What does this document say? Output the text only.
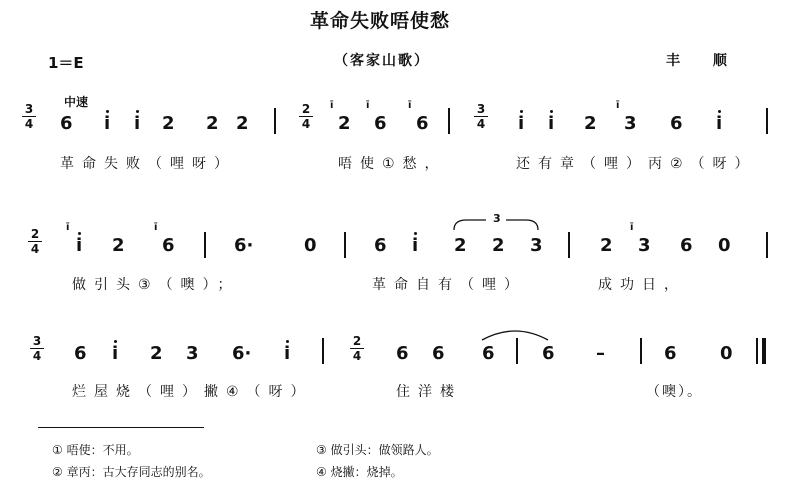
革命失败唔使愁
1＝E	（客家山歌）	丰 顺
中速
3
4 6 i i 2 2 2
2
4
ī
2
ī
6
ī
6
3
4 i i 2
ī
3 6 i
革命失败（哩呀）	唔使①愁，	还有章（哩）丙②（呀）
2
4
ī
i 2
ī
6	6·	0	6 i
3
2 2 3	2
ī
3 6 0
做引头③（噢）；	革命自有（哩）	成功日，
3
4 6 i 2 3 6· i
2
4 6 6 6	6 –	6 0
烂屋烧（哩）撇④（呀）	住洋楼	（噢）。
① 唔使：不用。
② 章丙：古大存同志的别名。
③ 做引头：做领路人。
④ 烧撇：烧掉。
